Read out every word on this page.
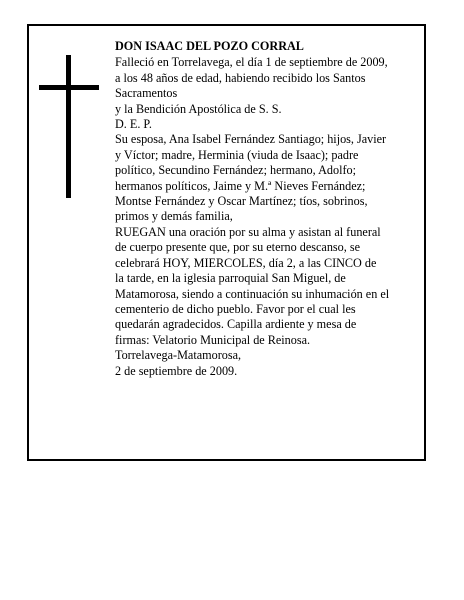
DON ISAAC DEL POZO CORRAL
Falleció en Torrelavega, el día 1 de septiembre de 2009,
a los 48 años de edad, habiendo recibido los Santos
Sacramentos
y la Bendición Apostólica de S. S.
D. E. P.
Su esposa, Ana Isabel Fernández Santiago; hijos, Javier
y Víctor; madre, Herminia (viuda de Isaac); padre
político, Secundino Fernández; hermano, Adolfo;
hermanos políticos, Jaime y M.ª Nieves Fernández;
Montse Fernández y Oscar Martínez; tíos, sobrinos,
primos y demás familia,
RUEGAN una oración por su alma y asistan al funeral
de cuerpo presente que, por su eterno descanso, se
celebrará HOY, MIERCOLES, día 2, a las CINCO de
la tarde, en la iglesia parroquial San Miguel, de
Matamorosa, siendo a continuación su inhumación en el
cementerio de dicho pueblo. Favor por el cual les
quedarán agradecidos. Capilla ardiente y mesa de
firmas: Velatorio Municipal de Reinosa.
Torrelavega-Matamorosa,
2 de septiembre de 2009.
